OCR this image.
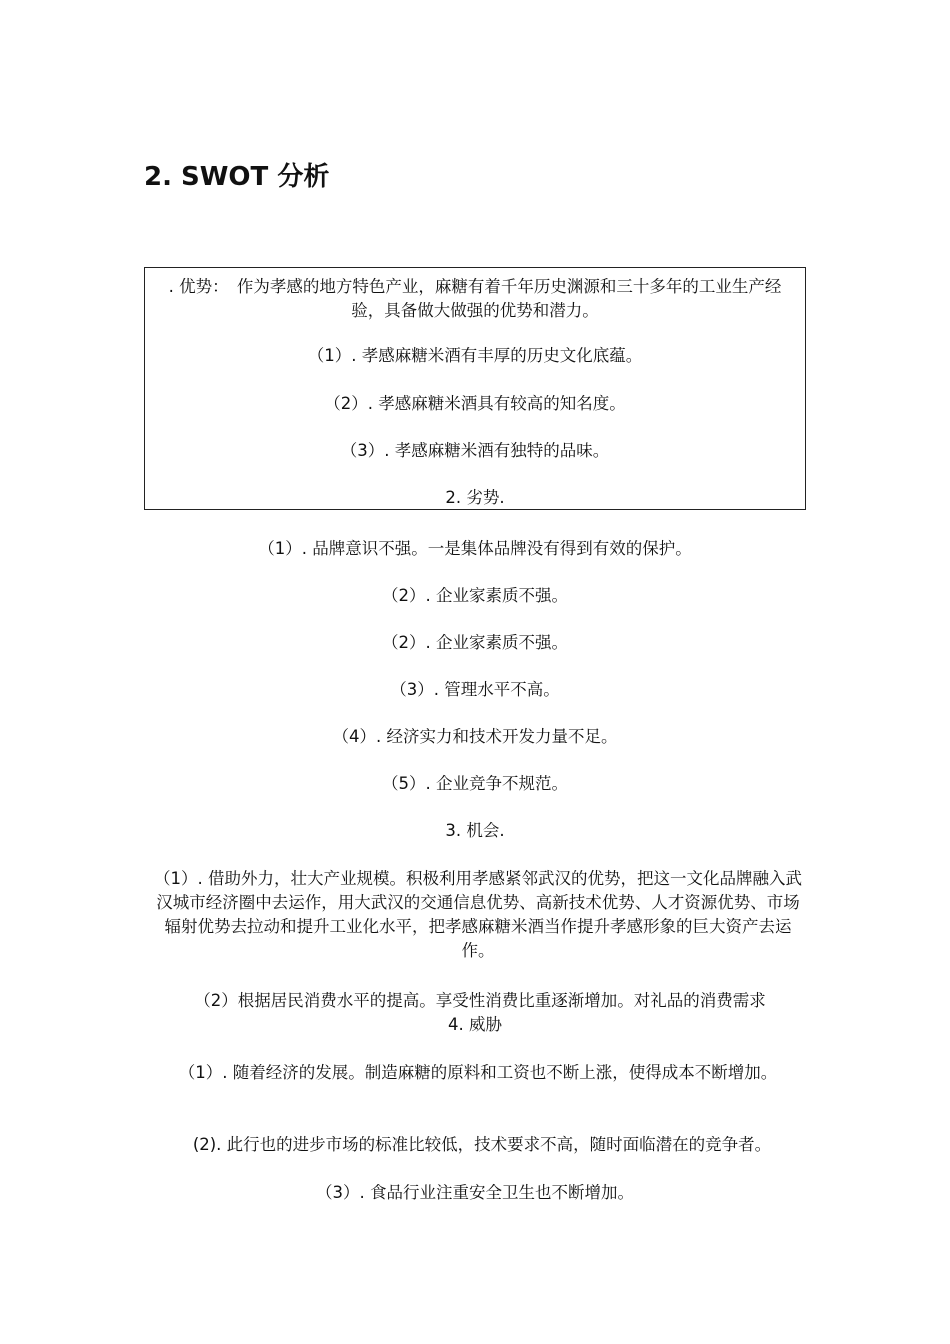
2. SWOT 分析

. 优势：　作为孝感的地方特色产业，麻糖有着千年历史渊源和三十多年的工业生产经验，具备做大做强的优势和潜力。

（1）. 孝感麻糖米酒有丰厚的历史文化底蕴。

（2）. 孝感麻糖米酒具有较高的知名度。

（3）. 孝感麻糖米酒有独特的品味。

2. 劣势.

（1）. 品牌意识不强。一是集体品牌没有得到有效的保护。

（2）. 企业家素质不强。

（2）. 企业家素质不强。

（3）. 管理水平不高。

（4）. 经济实力和技术开发力量不足。

（5）. 企业竞争不规范。

3. 机会.

（1）. 借助外力，壮大产业规模。积极利用孝感紧邻武汉的优势，把这一文化品牌融入武汉城市经济圈中去运作，用大武汉的交通信息优势、高新技术优势、人才资源优势、市场辐射优势去拉动和提升工业化水平，把孝感麻糖米酒当作提升孝感形象的巨大资产去运作。

（2）根据居民消费水平的提高。享受性消费比重逐渐增加。对礼品的消费需求

4. 威胁

（1）. 随着经济的发展。制造麻糖的原料和工资也不断上涨，使得成本不断增加。

(2). 此行也的进步市场的标准比较低，技术要求不高，随时面临潜在的竞争者。

（3）. 食品行业注重安全卫生也不断增加。
